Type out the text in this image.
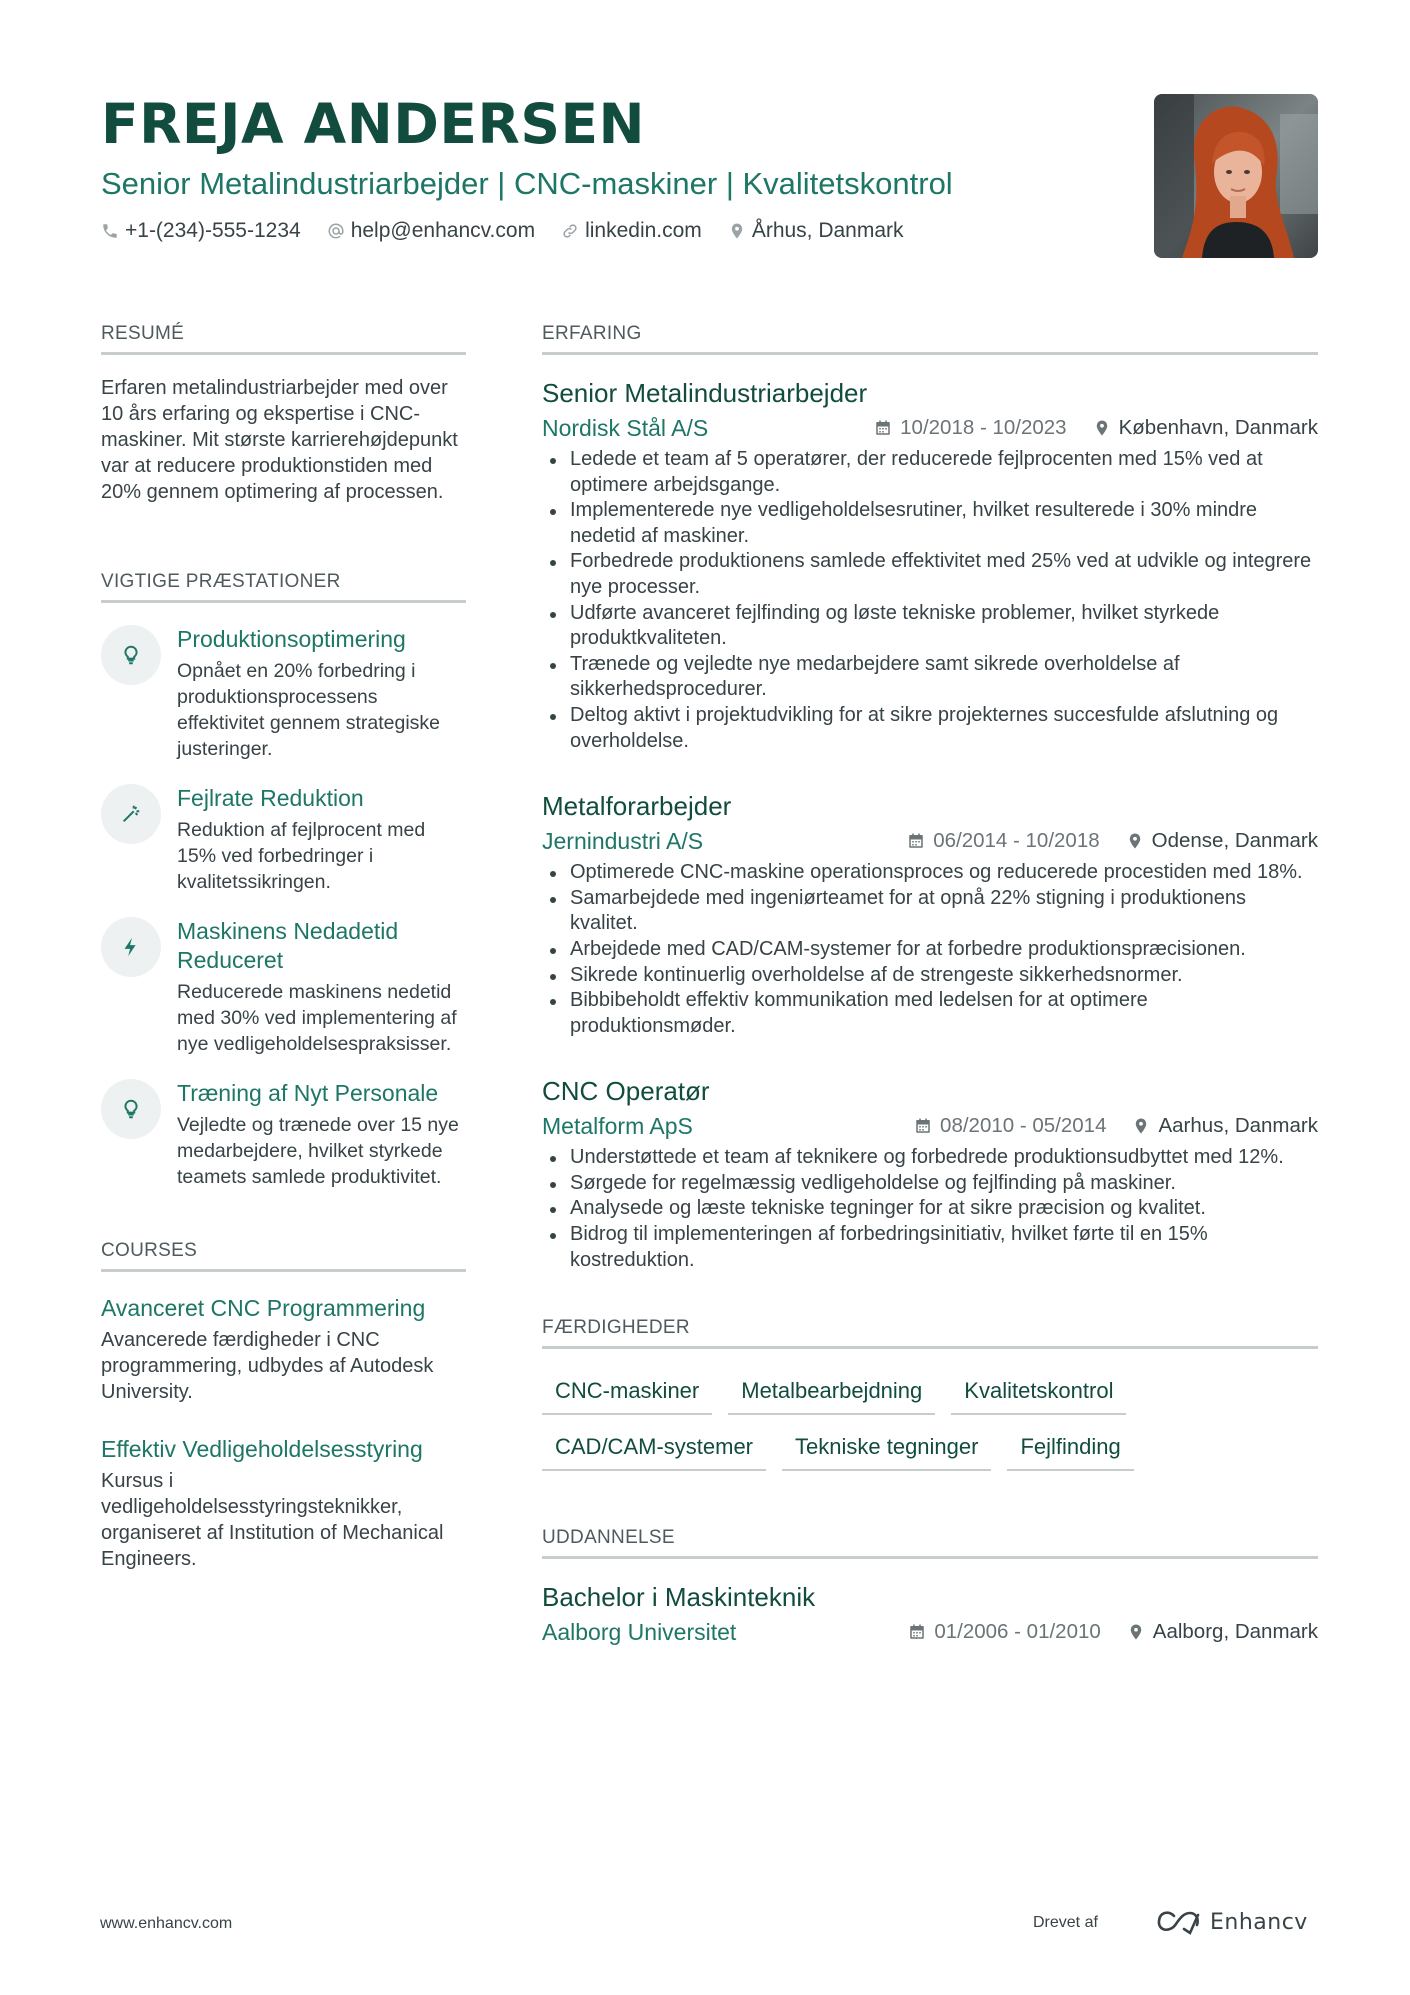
FREJA ANDERSEN
Senior Metalindustriarbejder | CNC-maskiner | Kvalitetskontrol
+1-(234)-555-1234 help@enhancv.com linkedin.com Århus, Danmark
RESUMÉ
Erfaren metalindustriarbejder med over 10 års erfaring og ekspertise i CNC-maskiner. Mit største karrierehøjdepunkt var at reducere produktionstiden med 20% gennem optimering af processen.
VIGTIGE PRÆSTATIONER
Produktionsoptimering
Opnået en 20% forbedring i produktionsprocessens effektivitet gennem strategiske justeringer.
Fejlrate Reduktion
Reduktion af fejlprocent med 15% ved forbedringer i kvalitetssikringen.
Maskinens Nedadetid Reduceret
Reducerede maskinens nedetid med 30% ved implementering af nye vedligeholdelsespraksisser.
Træning af Nyt Personale
Vejledte og trænede over 15 nye medarbejdere, hvilket styrkede teamets samlede produktivitet.
COURSES
Avanceret CNC Programmering
Avancerede færdigheder i CNC programmering, udbydes af Autodesk University.
Effektiv Vedligeholdelsesstyring
Kursus i vedligeholdelsesstyringsteknikker, organiseret af Institution of Mechanical Engineers.
ERFARING
Senior Metalindustriarbejder
Nordisk Stål A/S	10/2018 - 10/2023	København, Danmark
Ledede et team af 5 operatører, der reducerede fejlprocenten med 15% ved at optimere arbejdsgange.
Implementerede nye vedligeholdelsesrutiner, hvilket resulterede i 30% mindre nedetid af maskiner.
Forbedrede produktionens samlede effektivitet med 25% ved at udvikle og integrere nye processer.
Udførte avanceret fejlfinding og løste tekniske problemer, hvilket styrkede produktkvaliteten.
Trænede og vejledte nye medarbejdere samt sikrede overholdelse af sikkerhedsprocedurer.
Deltog aktivt i projektudvikling for at sikre projekternes succesfulde afslutning og overholdelse.
Metalforarbejder
Jernindustri A/S	06/2014 - 10/2018	Odense, Danmark
Optimerede CNC-maskine operationsproces og reducerede procestiden med 18%.
Samarbejdede med ingeniørteamet for at opnå 22% stigning i produktionens kvalitet.
Arbejdede med CAD/CAM-systemer for at forbedre produktionspræcisionen.
Sikrede kontinuerlig overholdelse af de strengeste sikkerhedsnormer.
Bibbibeholdt effektiv kommunikation med ledelsen for at optimere produktionsmøder.
CNC Operatør
Metalform ApS	08/2010 - 05/2014	Aarhus, Danmark
Understøttede et team af teknikere og forbedrede produktionsudbyttet med 12%.
Sørgede for regelmæssig vedligeholdelse og fejlfinding på maskiner.
Analysede og læste tekniske tegninger for at sikre præcision og kvalitet.
Bidrog til implementeringen af forbedringsinitiativ, hvilket førte til en 15% kostreduktion.
FÆRDIGHEDER
CNC-maskiner	Metalbearbejdning	Kvalitetskontrol
CAD/CAM-systemer	Tekniske tegninger	Fejlfinding
UDDANNELSE
Bachelor i Maskinteknik
Aalborg Universitet	01/2006 - 01/2010	Aalborg, Danmark
www.enhancv.com	Drevet af	Enhancv
